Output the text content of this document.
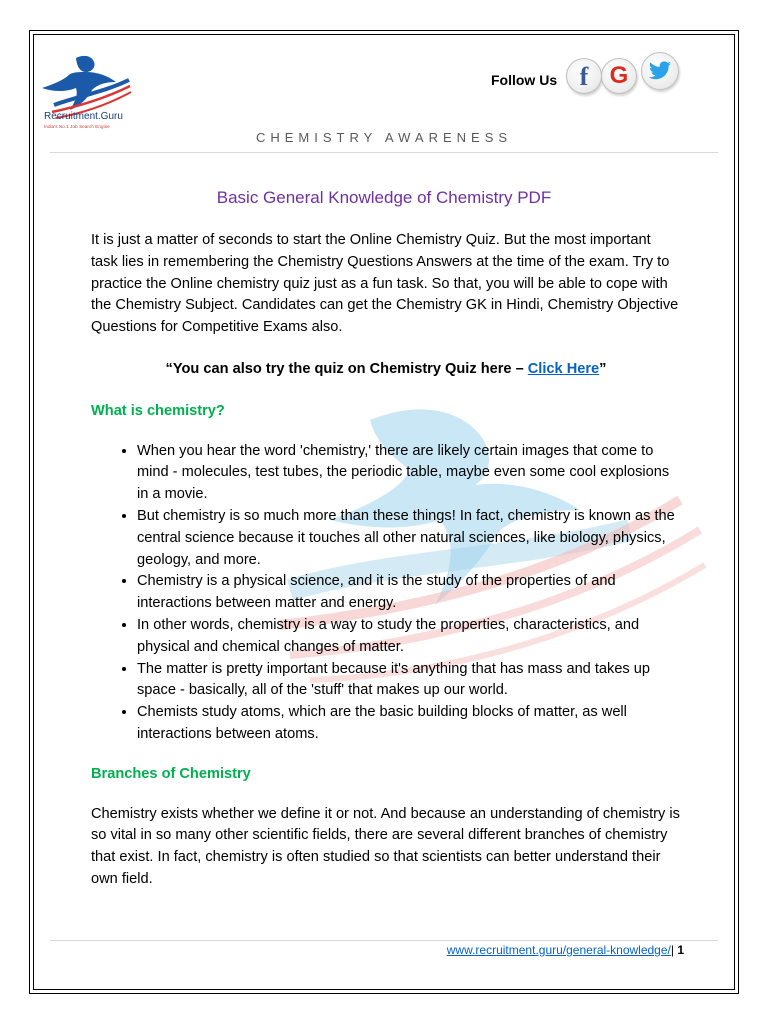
Recruitment.Guru
India's No.1 Job Search Engine
Follow Us f G
CHEMISTRY AWARENESS
Basic General Knowledge of Chemistry PDF

It is just a matter of seconds to start the Online Chemistry Quiz. But the most important task lies in remembering the Chemistry Questions Answers at the time of the exam. Try to practice the Online chemistry quiz just as a fun task. So that, you will be able to cope with the Chemistry Subject. Candidates can get the Chemistry GK in Hindi, Chemistry Objective Questions for Competitive Exams also.

“You can also try the quiz on Chemistry Quiz here – Click Here”

What is chemistry?

• When you hear the word 'chemistry,' there are likely certain images that come to mind - molecules, test tubes, the periodic table, maybe even some cool explosions in a movie.
• But chemistry is so much more than these things! In fact, chemistry is known as the central science because it touches all other natural sciences, like biology, physics, geology, and more.
• Chemistry is a physical science, and it is the study of the properties of and interactions between matter and energy.
• In other words, chemistry is a way to study the properties, characteristics, and physical and chemical changes of matter.
• The matter is pretty important because it's anything that has mass and takes up space - basically, all of the 'stuff' that makes up our world.
• Chemists study atoms, which are the basic building blocks of matter, as well interactions between atoms.

Branches of Chemistry

Chemistry exists whether we define it or not. And because an understanding of chemistry is so vital in so many other scientific fields, there are several different branches of chemistry that exist. In fact, chemistry is often studied so that scientists can better understand their own field.

www.recruitment.guru/general-knowledge/| 1
